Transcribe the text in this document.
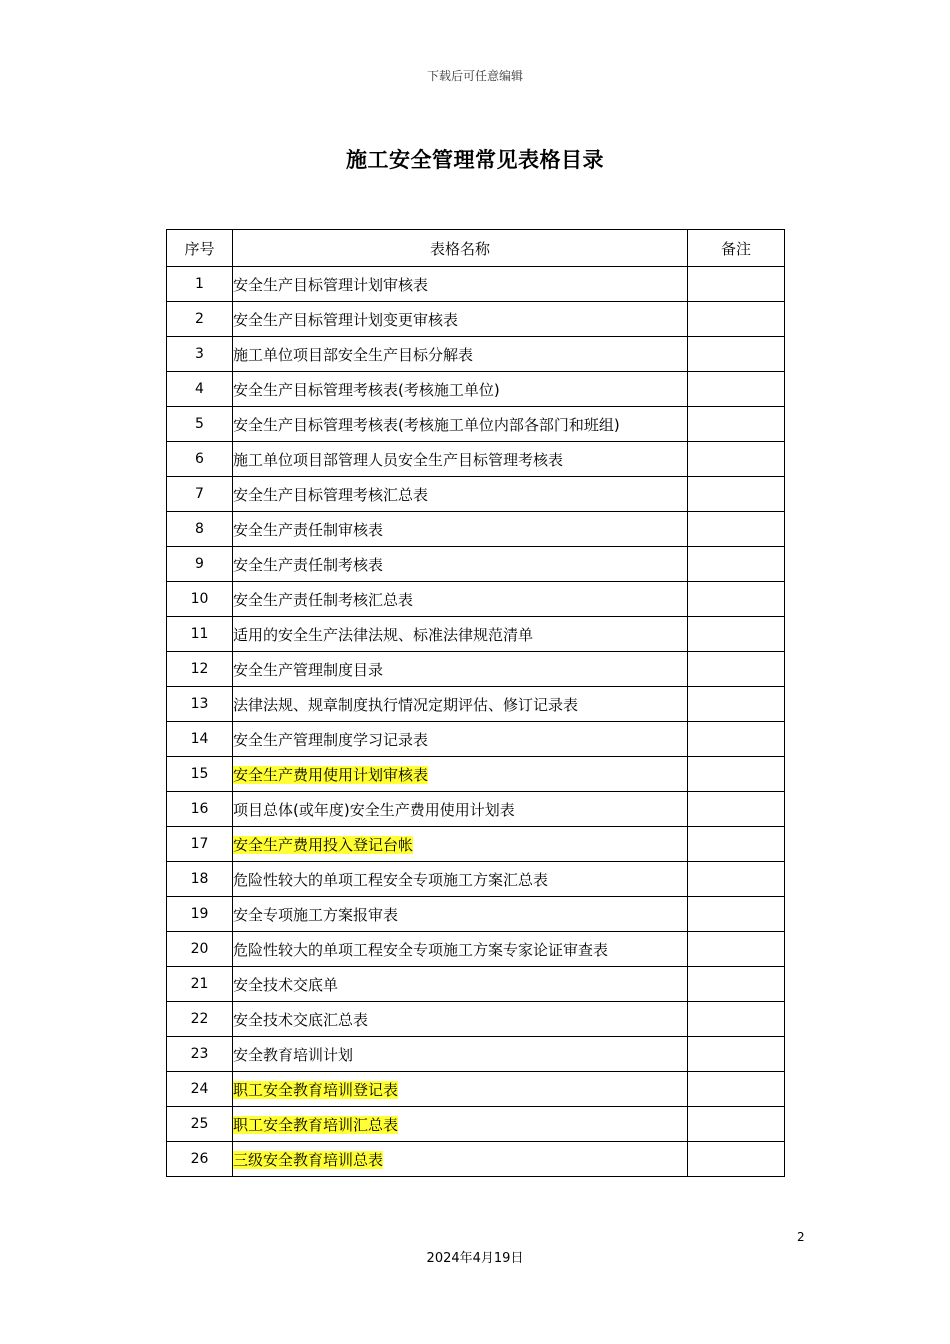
下载后可任意编辑
施工安全管理常见表格目录
序号	表格名称	备注
1	安全生产目标管理计划审核表	
2	安全生产目标管理计划变更审核表	
3	施工单位项目部安全生产目标分解表	
4	安全生产目标管理考核表(考核施工单位)	
5	安全生产目标管理考核表(考核施工单位内部各部门和班组)	
6	施工单位项目部管理人员安全生产目标管理考核表	
7	安全生产目标管理考核汇总表	
8	安全生产责任制审核表	
9	安全生产责任制考核表	
10	安全生产责任制考核汇总表	
11	适用的安全生产法律法规、标准法律规范清单	
12	安全生产管理制度目录	
13	法律法规、规章制度执行情况定期评估、修订记录表	
14	安全生产管理制度学习记录表	
15	安全生产费用使用计划审核表	
16	项目总体(或年度)安全生产费用使用计划表	
17	安全生产费用投入登记台帐	
18	危险性较大的单项工程安全专项施工方案汇总表	
19	安全专项施工方案报审表	
20	危险性较大的单项工程安全专项施工方案专家论证审查表	
21	安全技术交底单	
22	安全技术交底汇总表	
23	安全教育培训计划	
24	职工安全教育培训登记表	
25	职工安全教育培训汇总表	
26	三级安全教育培训总表	
2
2024年4月19日
